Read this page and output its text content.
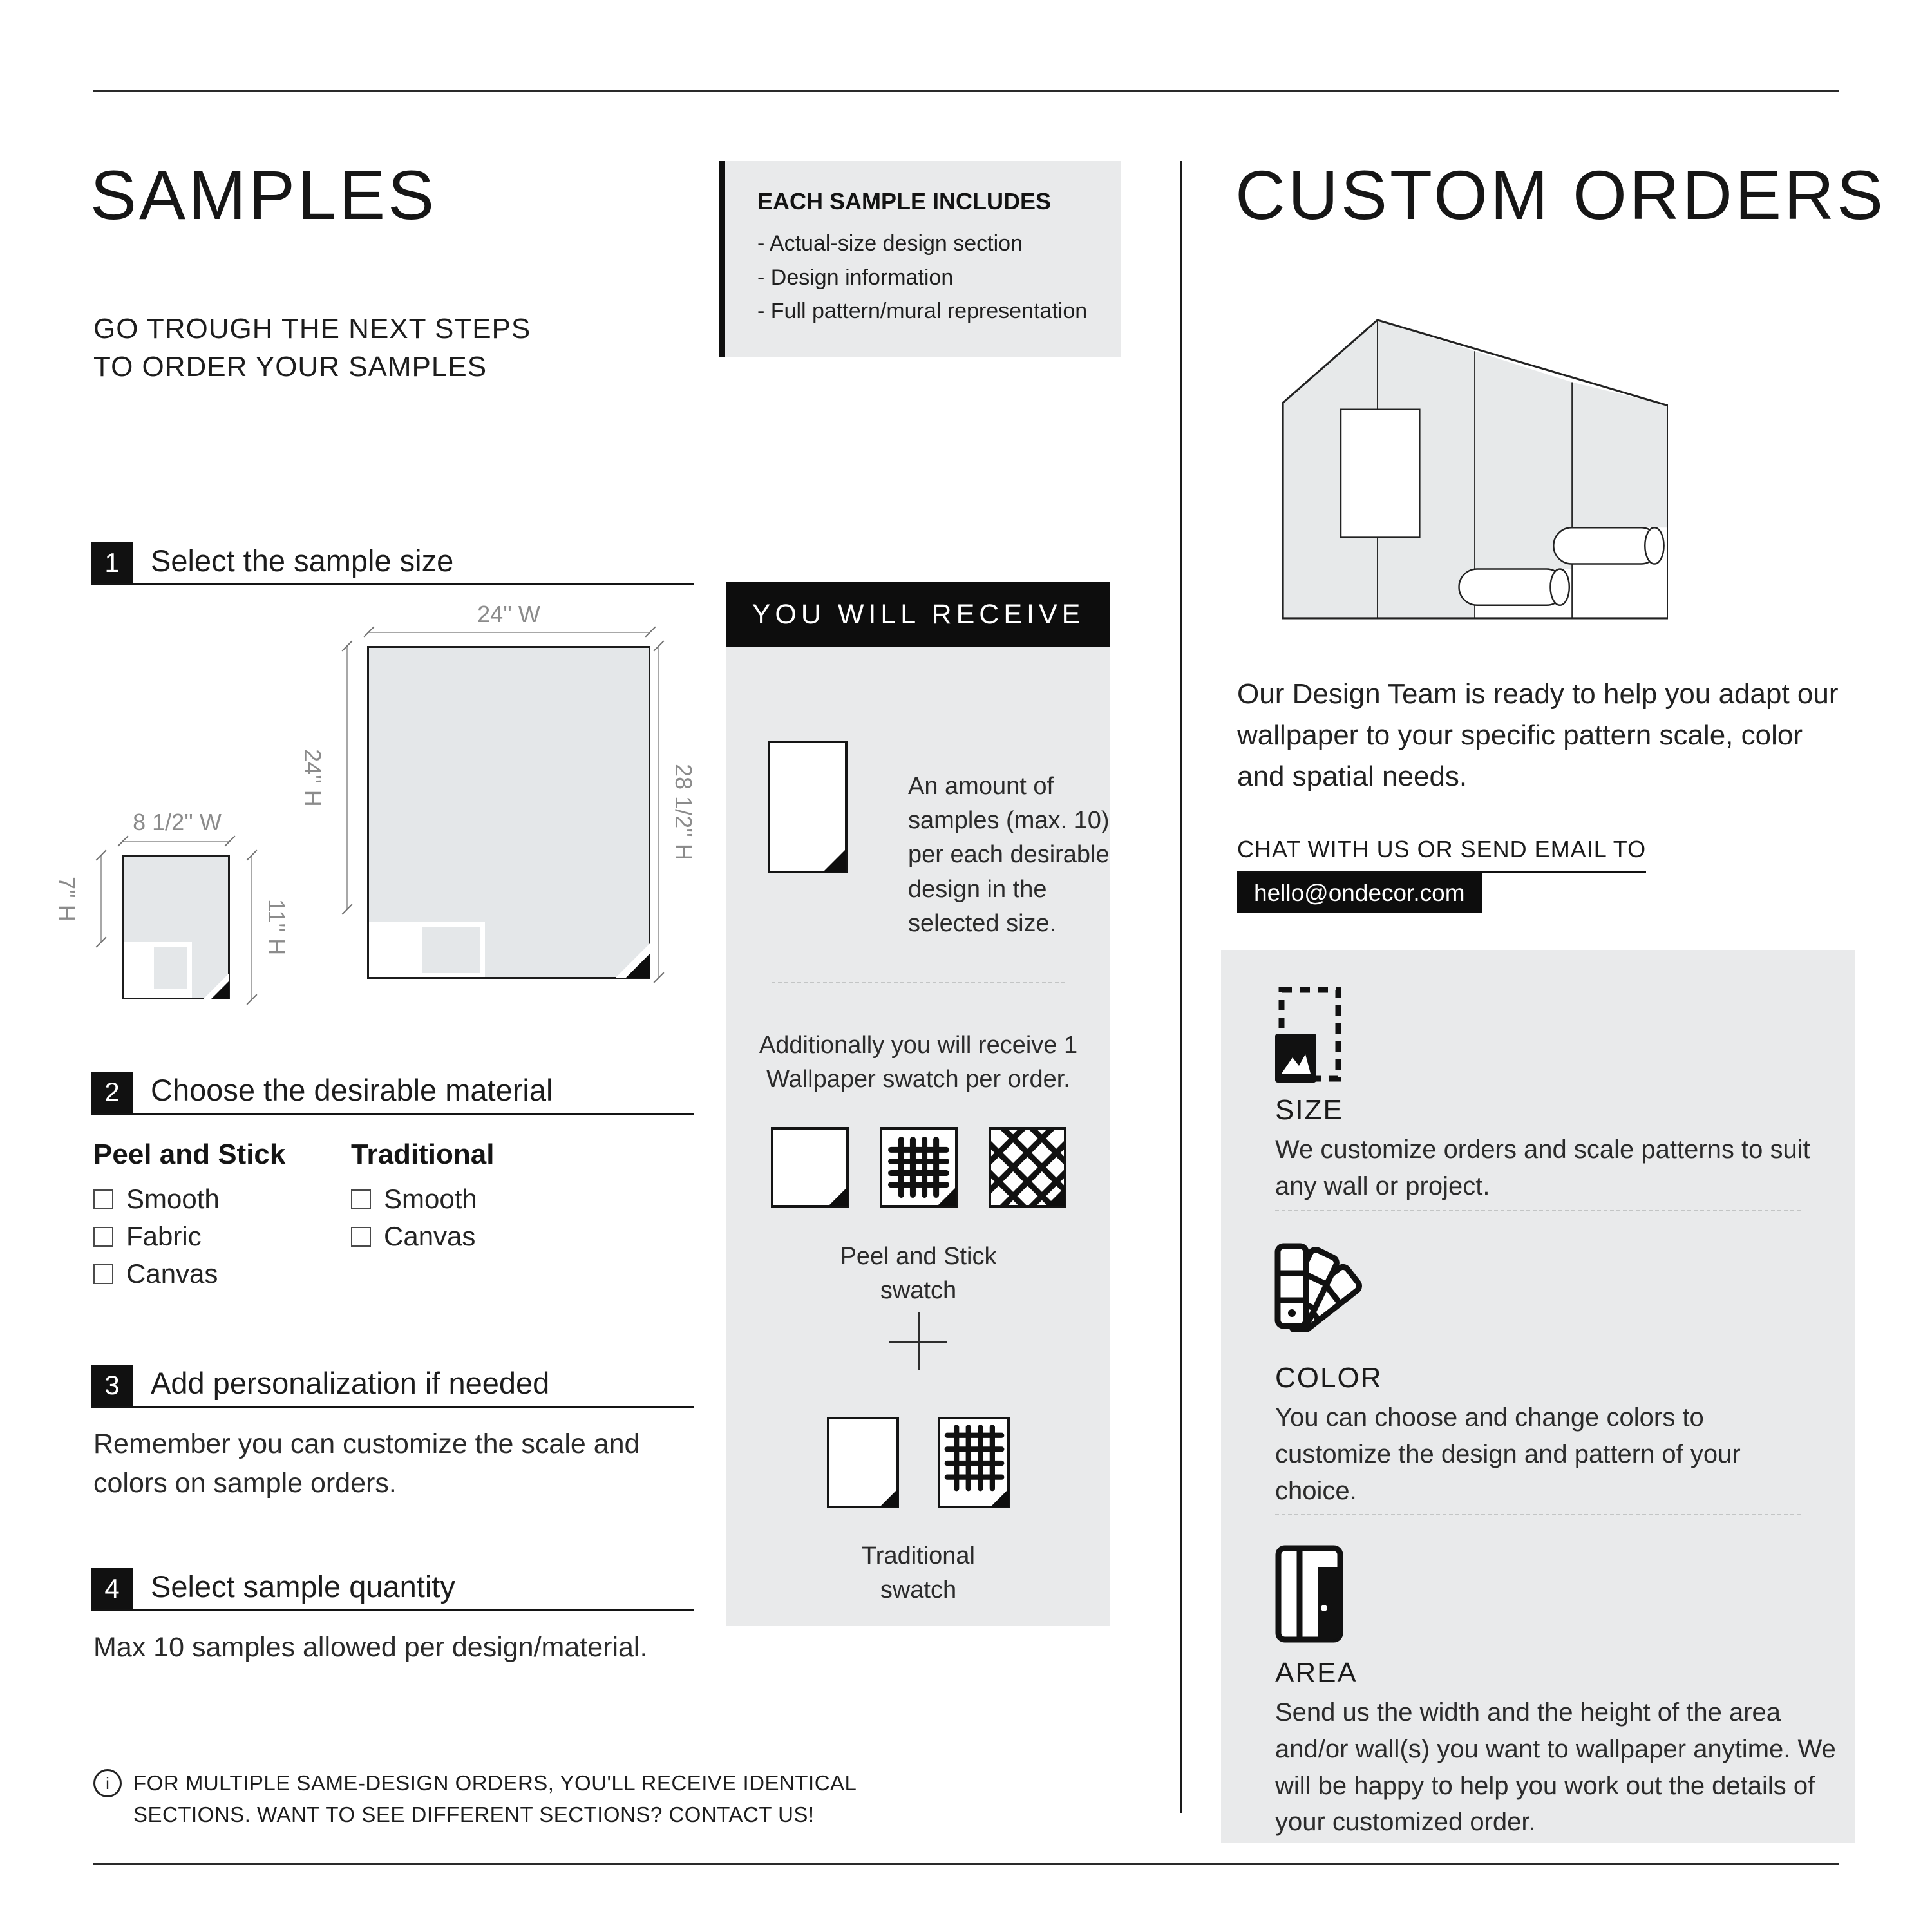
SAMPLES
GO TROUGH THE NEXT STEPS TO ORDER YOUR SAMPLES
1	Select the sample size
24'' W
24'' H	28 1/2'' H
8 1/2'' W
7'' H
11'' H
2	Choose the desirable material
Peel and Stick Traditional
Smooth
Fabric
Canvas
Smooth
Canvas
3	Add personalization if needed
Remember you can customize the scale and colors on sample orders.
4	Select sample quantity
Max 10 samples allowed per design/material.
i	FOR MULTIPLE SAME-DESIGN ORDERS, YOU'LL RECEIVE IDENTICAL SECTIONS. WANT TO SEE DIFFERENT SECTIONS? CONTACT US!
EACH SAMPLE INCLUDES
- Actual-size design section
- Design information
- Full pattern/mural representation
YOU WILL RECEIVE
An amount of samples (max. 10) per each desirable design in the selected size.
Additionally you will receive 1 Wallpaper swatch per order.
Peel and Stick swatch
Traditional swatch
CUSTOM ORDERS
Our Design Team is ready to help you adapt our wallpaper to your specific pattern scale, color and spatial needs.
CHAT WITH US OR SEND EMAIL TO
hello@ondecor.com
SIZE
We customize orders and scale patterns to suit any wall or project.
COLOR
You can choose and change colors to customize the design and pattern of your choice.
AREA
Send us the width and the height of the area and/or wall(s) you want to wallpaper anytime. We will be happy to help you work out the details of your customized order.
